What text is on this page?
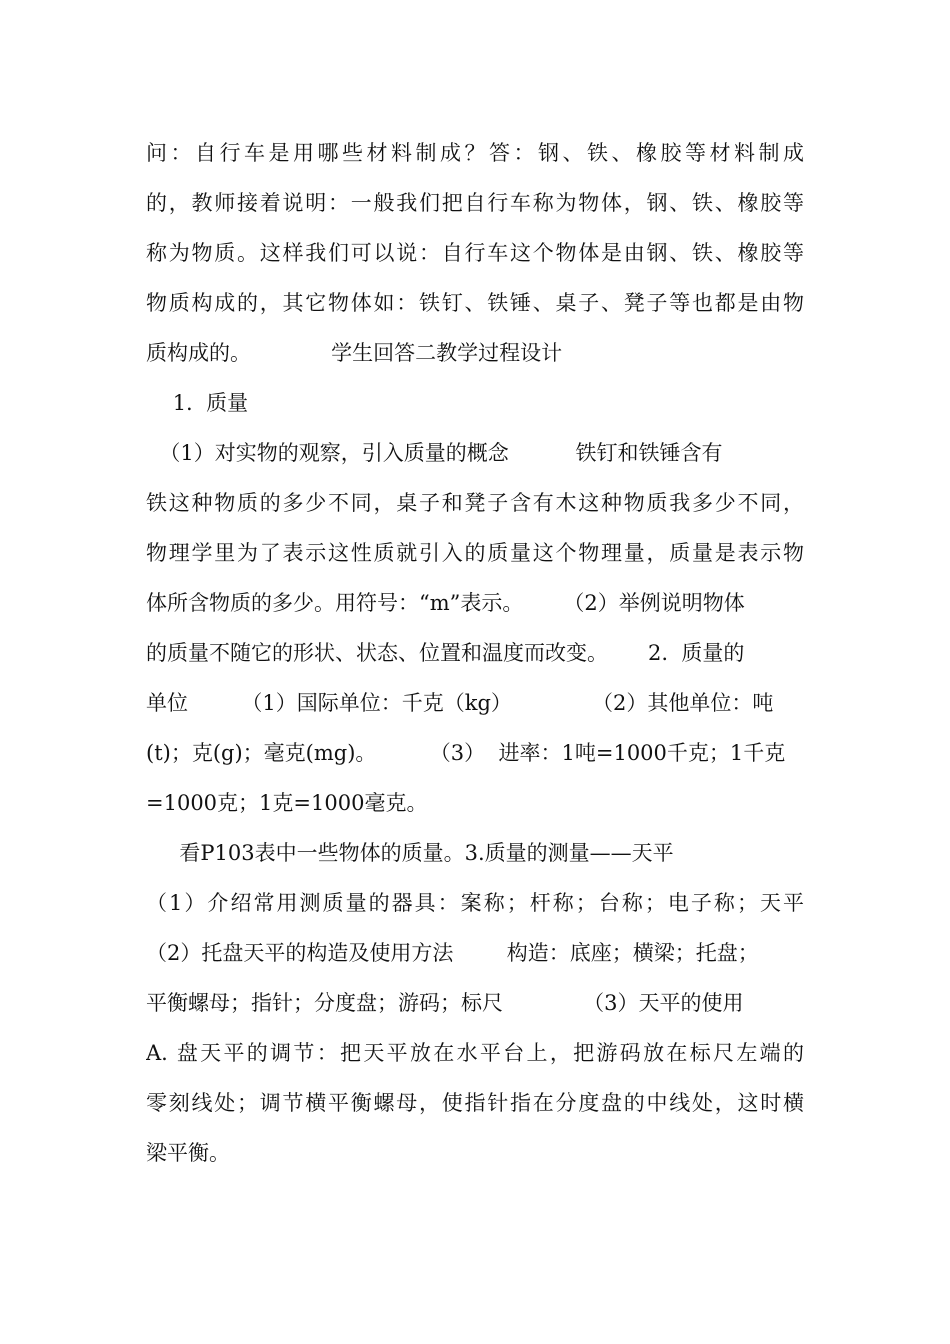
问：自行车是用哪些材料制成？答：钢、铁、橡胶等材料制成
的，教师接着说明：一般我们把自行车称为物体，钢、铁、橡胶等
称为物质。这样我们可以说：自行车这个物体是由钢、铁、橡胶等
物质构成的，其它物体如：铁钉、铁锤、桌子、凳子等也都是由物
质构成的。            学生回答二教学过程设计
1.  质量
（1）对实物的观察，引入质量的概念          铁钉和铁锤含有
铁这种物质的多少不同，桌子和凳子含有木这种物质我多少不同，
物理学里为了表示这性质就引入的质量这个物理量，质量是表示物
体所含物质的多少。用符号：“m”表示。      （2）举例说明物体
的质量不随它的形状、状态、位置和温度而改变。      2.  质量的
单位        （1）国际单位：千克（kg）            （2）其他单位：吨
(t)；克(g)；毫克(mg)。        （3）  进率：1吨=1000千克；1千克
=1000克；1克=1000毫克。
看P103表中一些物体的质量。3.质量的测量——天平
（1）介绍常用测质量的器具：案称；杆称；台称；电子称；天平
（2）托盘天平的构造及使用方法        构造：底座；横梁；托盘；
平衡螺母；指针；分度盘；游码；标尺            （3）天平的使用
A. 盘天平的调节：把天平放在水平台上，把游码放在标尺左端的
零刻线处；调节横平衡螺母，使指针指在分度盘的中线处，这时横
梁平衡。
